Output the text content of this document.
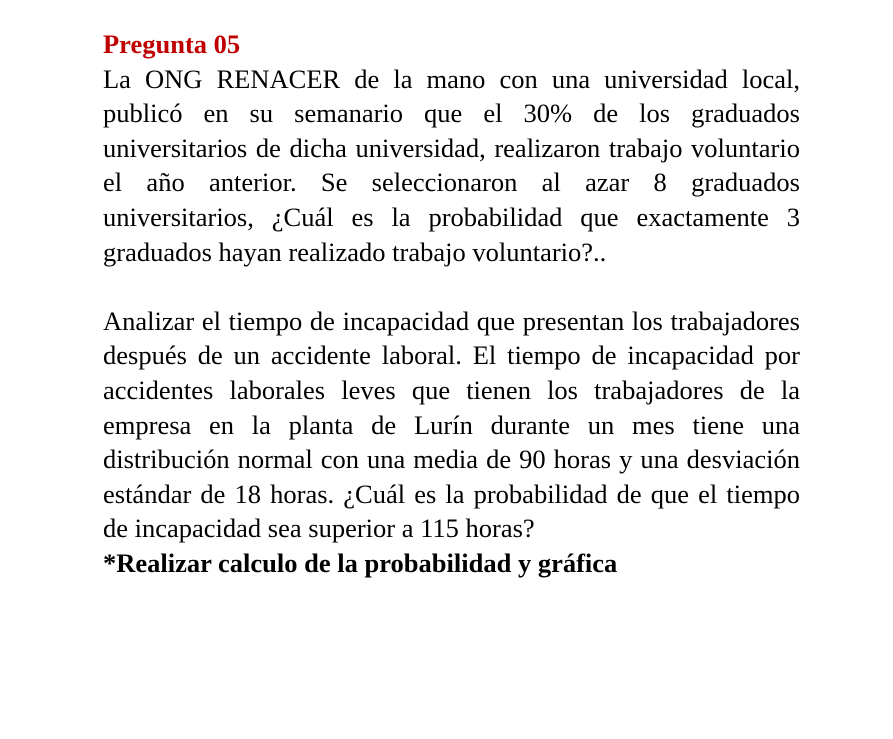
Pregunta 05

La ONG RENACER de la mano con una universidad local, publicó en su semanario que el 30% de los graduados universitarios de dicha universidad, realizaron trabajo voluntario el año anterior. Se seleccionaron al azar 8 graduados universitarios, ¿Cuál es la probabilidad que exactamente 3 graduados hayan realizado trabajo voluntario?..

Analizar el tiempo de incapacidad que presentan los trabajadores después de un accidente laboral. El tiempo de incapacidad por accidentes laborales leves que tienen los trabajadores de la empresa en la planta de Lurín durante un mes tiene una distribución normal con una media de 90 horas y una desviación estándar de 18 horas. ¿Cuál es la probabilidad de que el tiempo de incapacidad sea superior a 115 horas?

*Realizar calculo de la probabilidad y gráfica
